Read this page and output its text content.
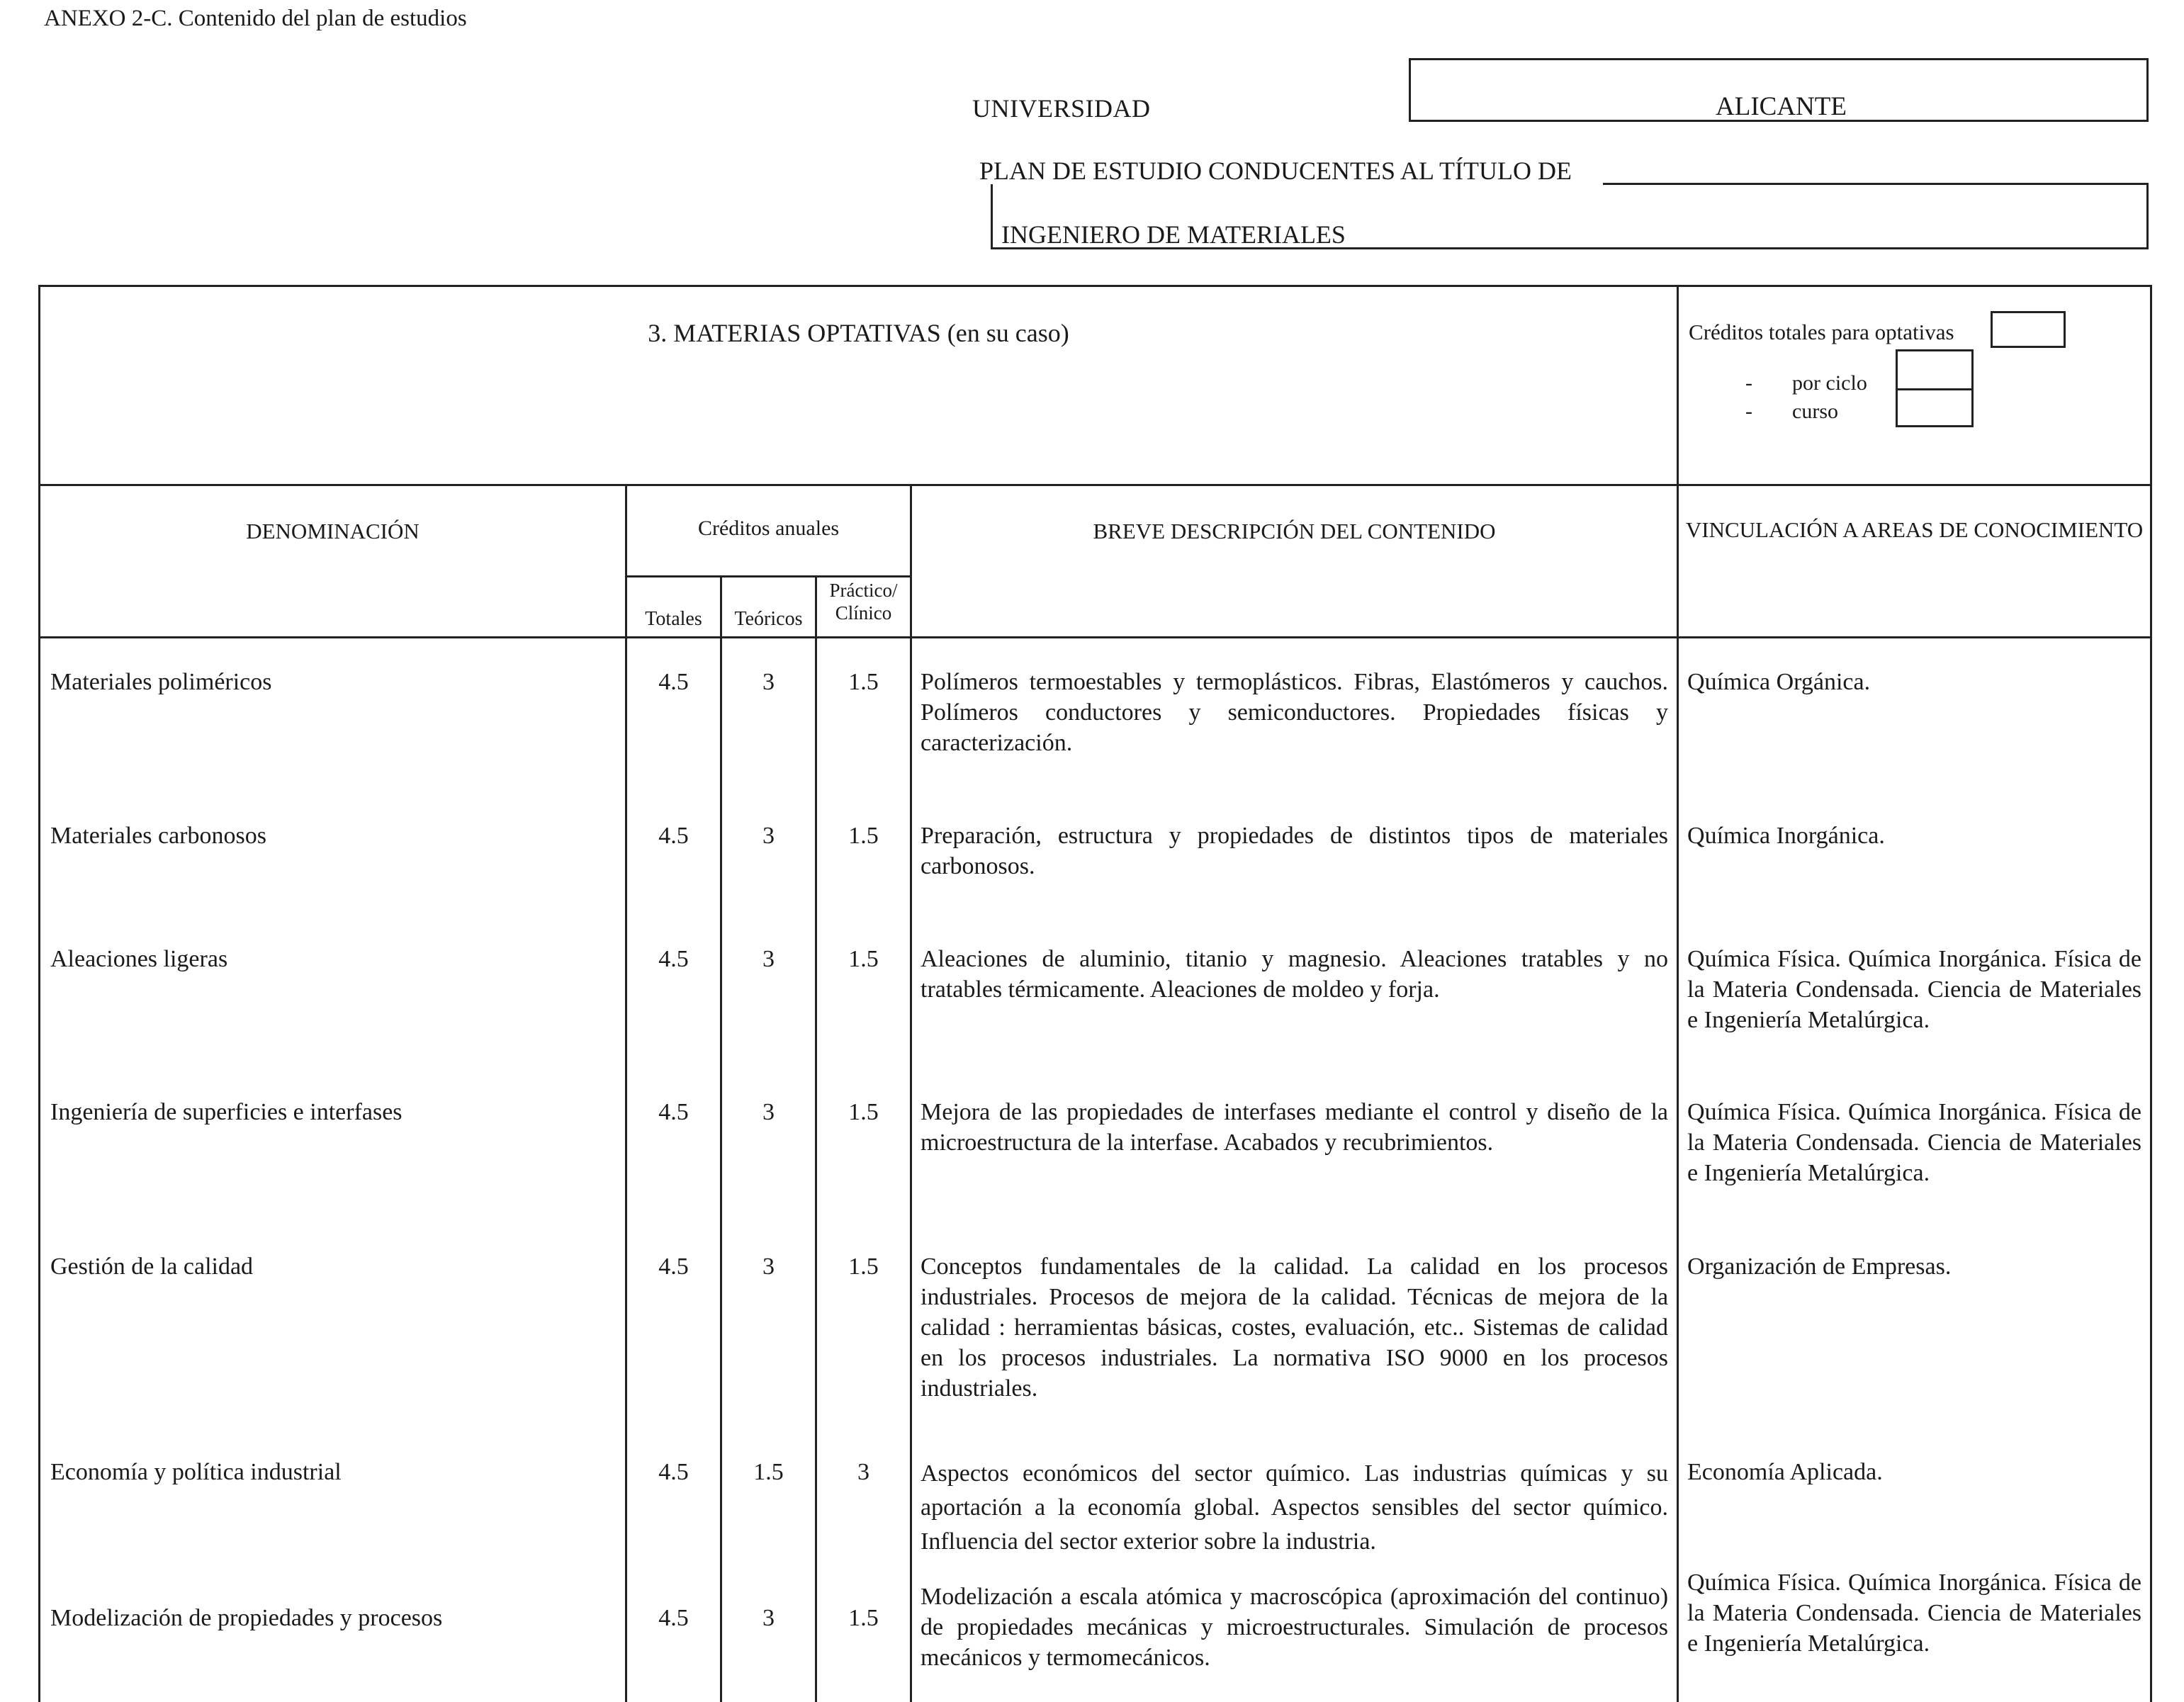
ANEXO 2-C. Contenido del plan de estudios
UNIVERSIDAD	ALICANTE
PLAN DE ESTUDIO CONDUCENTES AL TÍTULO DE
INGENIERO DE MATERIALES
3. MATERIAS OPTATIVAS (en su caso)					Créditos totales para optativas
- por ciclo
- curso

DENOMINACIÓN	Créditos anuales			BREVE DESCRIPCIÓN DEL CONTENIDO	VINCULACIÓN A AREAS DE CONOCIMIENTO
	Totales	Teóricos	Práctico/ Clínico		
Materiales poliméricos	4.5	3	1.5	Polímeros termoestables y termoplásticos. Fibras, Elastómeros y cauchos. Polímeros conductores y semiconductores. Propiedades físicas y caracterización.	Química Orgánica.
Materiales carbonosos	4.5	3	1.5	Preparación, estructura y propiedades de distintos tipos de materiales carbonosos.	Química Inorgánica.
Aleaciones ligeras	4.5	3	1.5	Aleaciones de aluminio, titanio y magnesio. Aleaciones tratables y no tratables térmicamente. Aleaciones de moldeo y forja.	Química Física. Química Inorgánica. Física de la Materia Condensada. Ciencia de Materiales e Ingeniería Metalúrgica.
Ingeniería de superficies e interfases	4.5	3	1.5	Mejora de las propiedades de interfases mediante el control y diseño de la microestructura de la interfase. Acabados y recubrimientos.	Química Física. Química Inorgánica. Física de la Materia Condensada. Ciencia de Materiales e Ingeniería Metalúrgica.
Gestión de la calidad	4.5	3	1.5	Conceptos fundamentales de la calidad. La calidad en los procesos industriales. Procesos de mejora de la calidad. Técnicas de mejora de la calidad : herramientas básicas, costes, evaluación, etc.. Sistemas de calidad en los procesos industriales. La normativa ISO 9000 en los procesos industriales.	Organización de Empresas.
Economía y política industrial	4.5	1.5	3	Aspectos económicos del sector químico. Las industrias químicas y su aportación a la economía global. Aspectos sensibles del sector químico. Influencia del sector exterior sobre la industria.	Economía Aplicada.
Modelización de propiedades y procesos	4.5	3	1.5	Modelización a escala atómica y macroscópica (aproximación del continuo) de propiedades mecánicas y microestructurales. Simulación de procesos mecánicos y termomecánicos.	Química Física. Química Inorgánica. Física de la Materia Condensada. Ciencia de Materiales e Ingeniería Metalúrgica.
